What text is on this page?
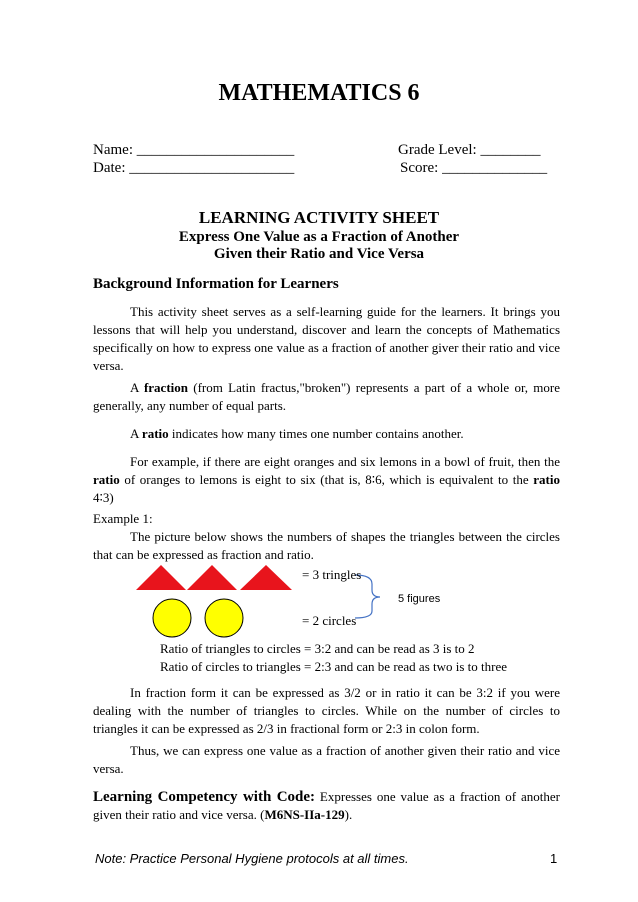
MATHEMATICS 6
Name: _____________________	Grade Level: ________
Date: ______________________	Score: ______________
LEARNING ACTIVITY SHEET
Express One Value as a Fraction of Another
Given their Ratio and Vice Versa
Background Information for Learners

This activity sheet serves as a self-learning guide for the learners. It brings you lessons that will help you understand, discover and learn the concepts of Mathematics specifically on how to express one value as a fraction of another giver their ratio and vice versa.

A fraction (from Latin fractus,"broken") represents a part of a whole or, more generally, any number of equal parts.

A ratio indicates how many times one number contains another.

For example, if there are eight oranges and six lemons in a bowl of fruit, then the ratio of oranges to lemons is eight to six (that is, 8∶6, which is equivalent to the ratio 4∶3)

Example 1:

The picture below shows the numbers of shapes the triangles between the circles that can be expressed as fraction and ratio.

= 3 tringles
= 2 circles
5 figures
Ratio of triangles to circles = 3:2 and can be read as 3 is to 2
Ratio of circles to triangles = 2:3 and can be read as two is to three

In fraction form it can be expressed as 3/2 or in ratio it can be 3:2 if you were dealing with the number of triangles to circles. While on the number of circles to triangles it can be expressed as 2/3 in fractional form or 2:3 in colon form.

Thus, we can express one value as a fraction of another given their ratio and vice versa.

Learning Competency with Code: Expresses one value as a fraction of another given their ratio and vice versa. (M6NS-IIa-129).
Note: Practice Personal Hygiene protocols at all times.	1
